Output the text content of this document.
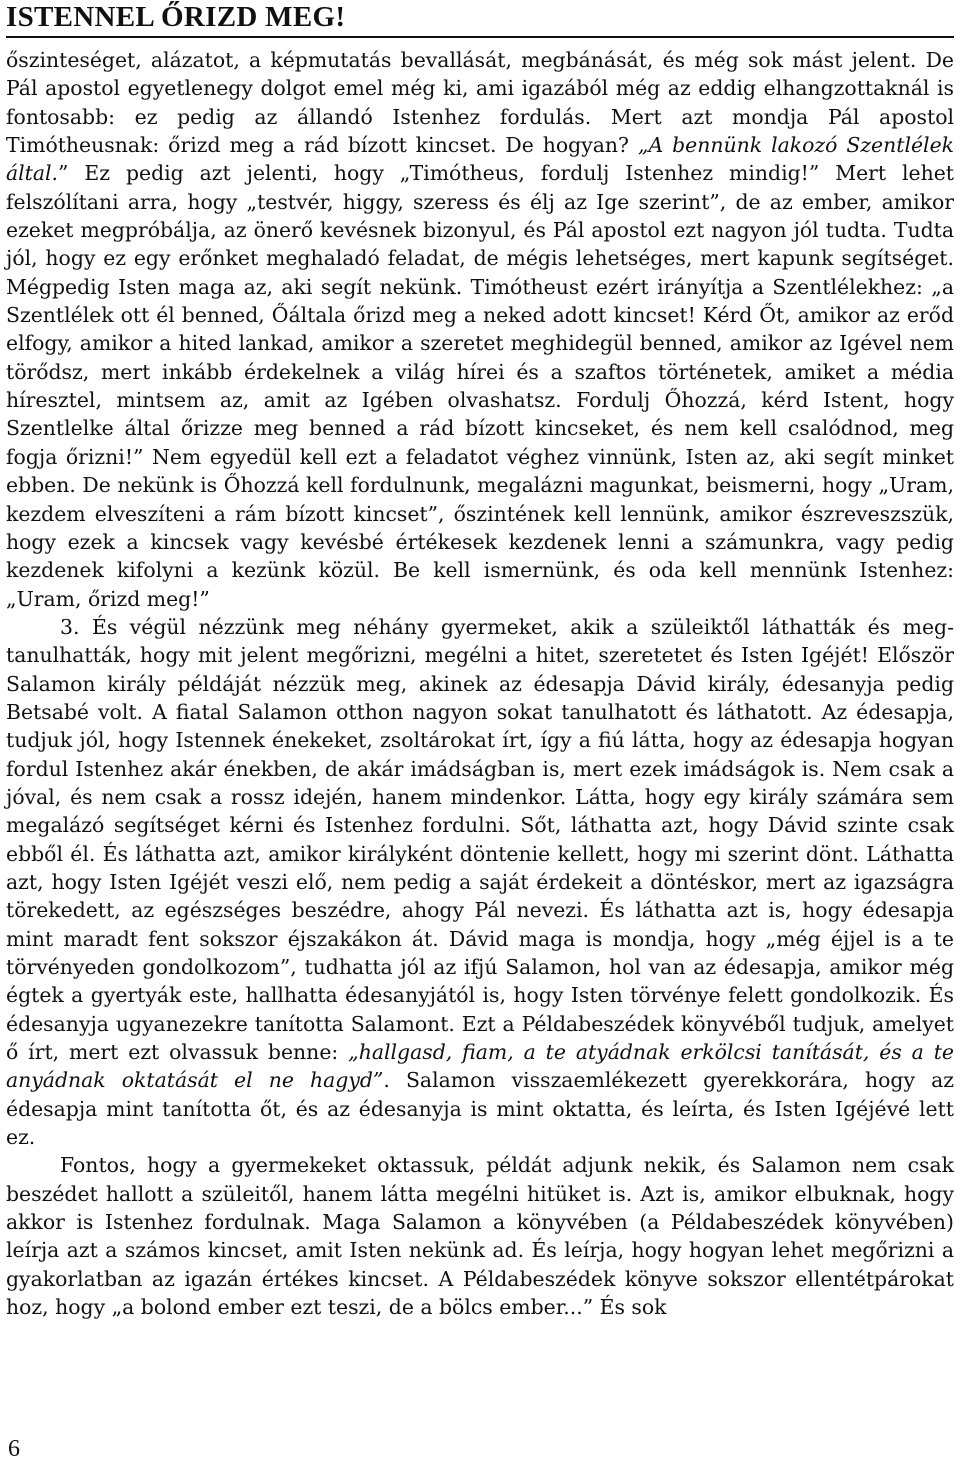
ISTENNEL ŐRIZD MEG!

őszinteséget, alázatot, a képmutatás bevallását, megbánását, és még sok mást jelent. De Pál apostol egyetlenegy dolgot emel még ki, ami igazából még az eddig elhangzottaknál is fontosabb: ez pedig az állandó Istenhez fordulás. Mert azt mondja Pál apostol Timótheusnak: őrizd meg a rád bízott kincset. De hogyan? „A bennünk lakozó Szentlélek által.” Ez pedig azt jelenti, hogy „Timótheus, fordulj Istenhez mindig!” Mert lehet felszólítani arra, hogy „testvér, higgy, szeress és élj az Ige szerint”, de az ember, amikor ezeket megpróbálja, az önerő kevésnek bizonyul, és Pál apostol ezt nagyon jól tudta. Tudta jól, hogy ez egy erőnket meghaladó feladat, de mégis lehetséges, mert kapunk segítséget. Mégpedig Isten maga az, aki segít nekünk. Timótheust ezért irányítja a Szentlélekhez: „a Szentlélek ott él benned, Őáltala őrizd meg a neked adott kincset! Kérd Őt, amikor az erőd elfogy, amikor a hited lankad, amikor a szeretet meghidegül benned, amikor az Igével nem törődsz, mert inkább érdekelnek a világ hírei és a szaftos történetek, amiket a média híresztel, mintsem az, amit az Igében olvashatsz. Fordulj Őhozzá, kérd Istent, hogy Szentlelke által őrizze meg benned a rád bízott kincseket, és nem kell csalódnod, meg fogja őrizni!” Nem egyedül kell ezt a feladatot véghez vinnünk, Isten az, aki segít minket ebben. De nekünk is Őhozzá kell fordulnunk, megalázni magunkat, beismerni, hogy „Uram, kezdem elveszíteni a rám bízott kincset”, őszintének kell lennünk, amikor észreveszszük, hogy ezek a kincsek vagy kevésbé értékesek kezdenek lenni a számunkra, vagy pedig kezdenek kifolyni a kezünk közül. Be kell ismernünk, és oda kell mennünk Istenhez: „Uram, őrizd meg!”

3. És végül nézzünk meg néhány gyermeket, akik a szüleiktől láthatták és megtanulhatták, hogy mit jelent megőrizni, megélni a hitet, szeretetet és Isten Igéjét! Először Salamon király példáját nézzük meg, akinek az édesapja Dávid király, édesanyja pedig Betsabé volt. A fiatal Salamon otthon nagyon sokat tanulhatott és láthatott. Az édesapja, tudjuk jól, hogy Istennek énekeket, zsoltárokat írt, így a fiú látta, hogy az édesapja hogyan fordul Istenhez akár énekben, de akár imádságban is, mert ezek imádságok is. Nem csak a jóval, és nem csak a rossz idején, hanem mindenkor. Látta, hogy egy király számára sem megalázó segítséget kérni és Istenhez fordulni. Sőt, láthatta azt, hogy Dávid szinte csak ebből él. És láthatta azt, amikor királyként döntenie kellett, hogy mi szerint dönt. Láthatta azt, hogy Isten Igéjét veszi elő, nem pedig a saját érdekeit a döntéskor, mert az igazságra törekedett, az egészséges beszédre, ahogy Pál nevezi. És láthatta azt is, hogy édesapja mint maradt fent sokszor éjszakákon át. Dávid maga is mondja, hogy „még éjjel is a te törvényeden gondolkozom”, tudhatta jól az ifjú Salamon, hol van az édesapja, amikor még égtek a gyertyák este, hallhatta édesanyjától is, hogy Isten törvénye felett gondolkozik. És édesanyja ugyanezekre tanította Salamont. Ezt a Példabeszédek könyvéből tudjuk, amelyet ő írt, mert ezt olvassuk benne: „hallgasd, fiam, a te atyádnak erkölcsi tanítását, és a te anyádnak oktatását el ne hagyd”. Salamon visszaemlékezett gyerekkorára, hogy az édesapja mint tanította őt, és az édesanyja is mint oktatta, és leírta, és Isten Igéjévé lett ez.

Fontos, hogy a gyermekeket oktassuk, példát adjunk nekik, és Salamon nem csak beszédet hallott a szüleitől, hanem látta megélni hitüket is. Azt is, amikor elbuknak, hogy akkor is Istenhez fordulnak. Maga Salamon a könyvében (a Példabeszédek könyvében) leírja azt a számos kincset, amit Isten nekünk ad. És leírja, hogy hogyan lehet megőrizni a gyakorlatban az igazán értékes kincset. A Példabeszédek könyve sokszor ellentétpárokat hoz, hogy „a bolond ember ezt teszi, de a bölcs ember...” És sok

6
